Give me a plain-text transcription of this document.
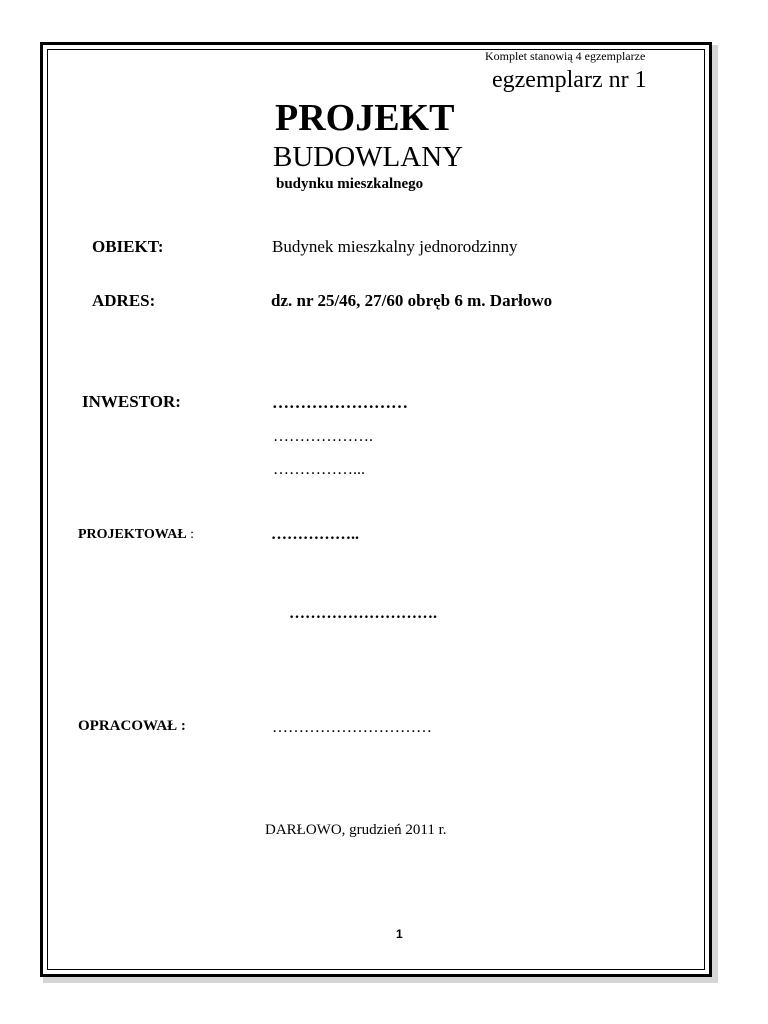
Komplet stanowią 4 egzemplarze
egzemplarz nr 1
PROJEKT
BUDOWLANY
budynku mieszkalnego
OBIEKT:	Budynek mieszkalny jednorodzinny
ADRES:	dz. nr 25/46, 27/60 obręb 6 m. Darłowo
INWESTOR:	……………………
……………….
……………...
PROJEKTOWAŁ :	……………..
……………………….
OPRACOWAŁ :	…………………………
DARŁOWO, grudzień 2011 r.
1
